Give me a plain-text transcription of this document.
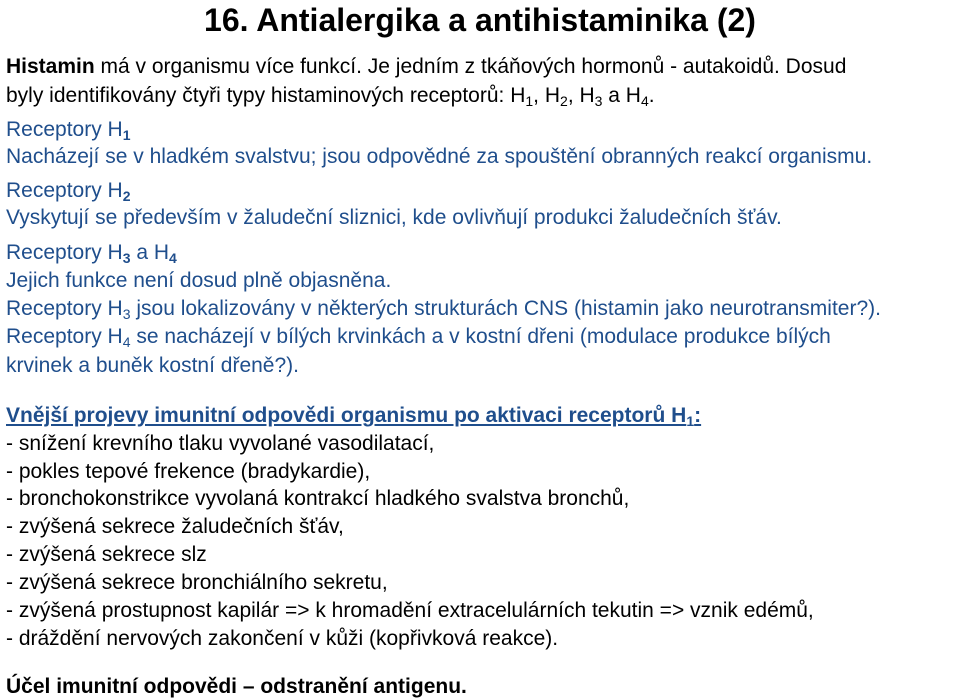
16. Antialergika a antihistaminika (2)
Histamin má v organismu více funkcí. Je jedním z tkáňových hormonů - autakoidů. Dosud
byly identifikovány čtyři typy histaminových receptorů: $H_1$, $H_2$, $H_3$ a $H_4$.
Receptory $H_1$
Nacházejí se v hladkém svalstvu; jsou odpovědné za spouštění obranných reakcí organismu.
Receptory $H_2$
Vyskytují se především v žaludeční sliznici, kde ovlivňují produkci žaludečních šťáv.
Receptory $H_3$ a $H_4$
Jejich funkce není dosud plně objasněna.
Receptory $H_3$ jsou lokalizovány v některých strukturách CNS (histamin jako neurotransmiter?).
Receptory $H_4$ se nacházejí v bílých krvinkách a v kostní dřeni (modulace produkce bílých
krvinek a buněk kostní dřeně?).
Vnější projevy imunitní odpovědi organismu po aktivaci receptorů $H_1$:
- snížení krevního tlaku vyvolané vasodilatací,
- pokles tepové frekence (bradykardie),
- bronchokonstrikce vyvolaná kontrakcí hladkého svalstva bronchů,
- zvýšená sekrece žaludečních šťáv,
- zvýšená sekrece slz
- zvýšená sekrece bronchiálního sekretu,
- zvýšená prostupnost kapilár => k hromadění extracelulárních tekutin => vznik edémů,
- dráždění nervových zakončení v kůži (kopřivková reakce).
Účel imunitní odpovědi – odstranění antigenu.
